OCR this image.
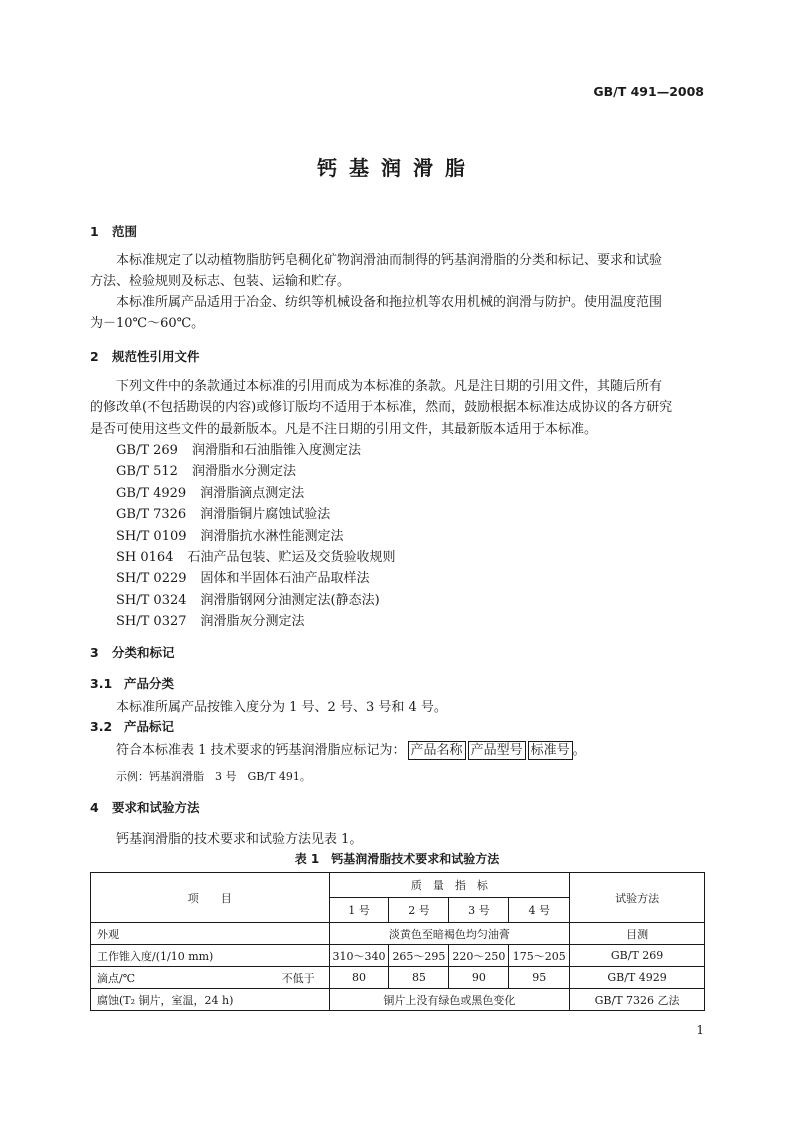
GB/T 491—2008
钙基润滑脂
1 范围
本标准规定了以动植物脂肪钙皂稠化矿物润滑油而制得的钙基润滑脂的分类和标记、要求和试验
方法、检验规则及标志、包装、运输和贮存。
本标准所属产品适用于冶金、纺织等机械设备和拖拉机等农用机械的润滑与防护。使用温度范围
为－10℃～60℃。
2 规范性引用文件
下列文件中的条款通过本标准的引用而成为本标准的条款。凡是注日期的引用文件，其随后所有
的修改单(不包括勘误的内容)或修订版均不适用于本标准，然而，鼓励根据本标准达成协议的各方研究
是否可使用这些文件的最新版本。凡是不注日期的引用文件，其最新版本适用于本标准。
GB/T 269 润滑脂和石油脂锥入度测定法
GB/T 512 润滑脂水分测定法
GB/T 4929 润滑脂滴点测定法
GB/T 7326 润滑脂铜片腐蚀试验法
SH/T 0109 润滑脂抗水淋性能测定法
SH 0164 石油产品包装、贮运及交货验收规则
SH/T 0229 固体和半固体石油产品取样法
SH/T 0324 润滑脂钢网分油测定法(静态法)
SH/T 0327 润滑脂灰分测定法
3 分类和标记
3.1 产品分类
本标准所属产品按锥入度分为 1 号、2 号、3 号和 4 号。
3.2 产品标记
符合本标准表 1 技术要求的钙基润滑脂应标记为： 产品名称 产品型号 标准号 。
示例：钙基润滑脂　3 号　GB/T 491。
4 要求和试验方法
钙基润滑脂的技术要求和试验方法见表 1。
表 1　钙基润滑脂技术要求和试验方法
项　　目	质　量　指　标				试验方法
	1 号	2 号	3 号	4 号	
外观	淡黄色至暗褐色均匀油膏				目测
工作锥入度/(1/10 mm)	310～340	265～295	220～250	175～205	GB/T 269
滴点/℃ 不低于	80	85	90	95	GB/T 4929
腐蚀(T₂ 铜片，室温，24 h)	铜片上没有绿色或黑色变化				GB/T 7326 乙法
1
